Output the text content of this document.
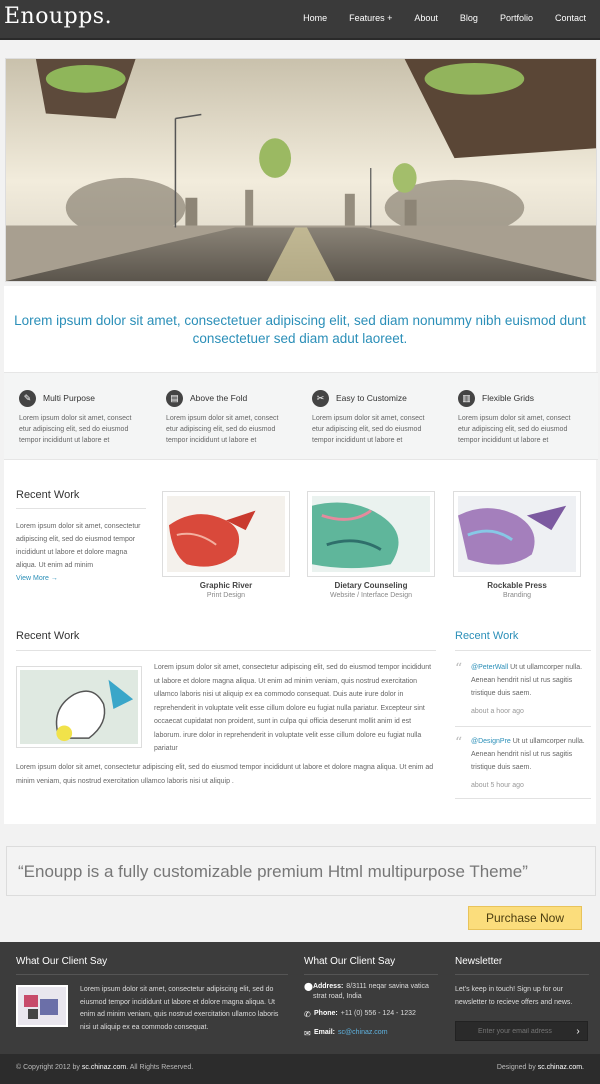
Enoupps.	Home Features + About Blog Portfolio Contact
Lorem ipsum dolor sit amet, consectetuer adipiscing elit, sed diam nonummy nibh euismod dunt consectetuer sed diam adut laoreet.
✎	Multi Purpose
Lorem ipsum dolor sit amet, consect etur adipiscing elit, sed do eiusmod tempor incididunt ut labore et
▤	Above the Fold
Lorem ipsum dolor sit amet, consect etur adipiscing elit, sed do eiusmod tempor incididunt ut labore et
✂	Easy to Customize
Lorem ipsum dolor sit amet, consect etur adipiscing elit, sed do eiusmod tempor incididunt ut labore et
▥	Flexible Grids
Lorem ipsum dolor sit amet, consect etur adipiscing elit, sed do eiusmod tempor incididunt ut labore et
Recent Work
Lorem ipsum dolor sit amet, consectetur adipiscing elit, sed do eiusmod tempor incididunt ut labore et dolore magna aliqua. Ut enim ad minim
View More →
Graphic River
Print Design
Dietary Counseling
Website / Interface Design
Rockable Press
Branding
Recent Work
Lorem ipsum dolor sit amet, consectetur adipiscing elit, sed do eiusmod tempor incididunt ut labore et dolore magna aliqua. Ut enim ad minim veniam, quis nostrud exercitation ullamco laboris nisi ut aliquip ex ea commodo consequat. Duis aute irure dolor in reprehenderit in voluptate velit esse cillum dolore eu fugiat nulla pariatur. Excepteur sint occaecat cupidatat non proident, sunt in culpa qui officia deserunt mollit anim id est laborum. irure dolor in reprehenderit in voluptate velit esse cillum dolore eu fugiat nulla pariatur
Lorem ipsum dolor sit amet, consectetur adipiscing elit, sed do eiusmod tempor incididunt ut labore et dolore magna aliqua. Ut enim ad minim veniam, quis nostrud exercitation ullamco laboris nisi ut aliquip .
Recent Work
“ @PeterWall Ut ut ullamcorper nulla. Aenean hendrit nisl ut rus sagitis tristique duis saem.
about a hoor ago
“ @DesignPre Ut ut ullamcorper nulla. Aenean hendrit nisl ut rus sagitis tristique duis saem.
about 5 hour ago
“Enoupp is a fully customizable premium Html multipurpose Theme”
Purchase Now
What Our Client Say
Lorem ipsum dolor sit amet, consectetur adipiscing elit, sed do eiusmod tempor incididunt ut labore et dolore magna aliqua. Ut enim ad minim veniam, quis nostrud exercitation ullamco laboris nisi ut aliquip ex ea commodo consequat.
What Our Client Say
⬤ Address: 8/3111 neqar savina vatica strat road, India
✆ Phone: +11 (0) 556 - 124 - 1232
✉ Email: sc@chinaz.com
Newsletter
Let's keep in touch! Sign up for our newsletter to recieve offers and news.
Enter your email adress
›
© Copyright 2012 by sc.chinaz.com. All Rights Reserved.	Designed by sc.chinaz.com.
